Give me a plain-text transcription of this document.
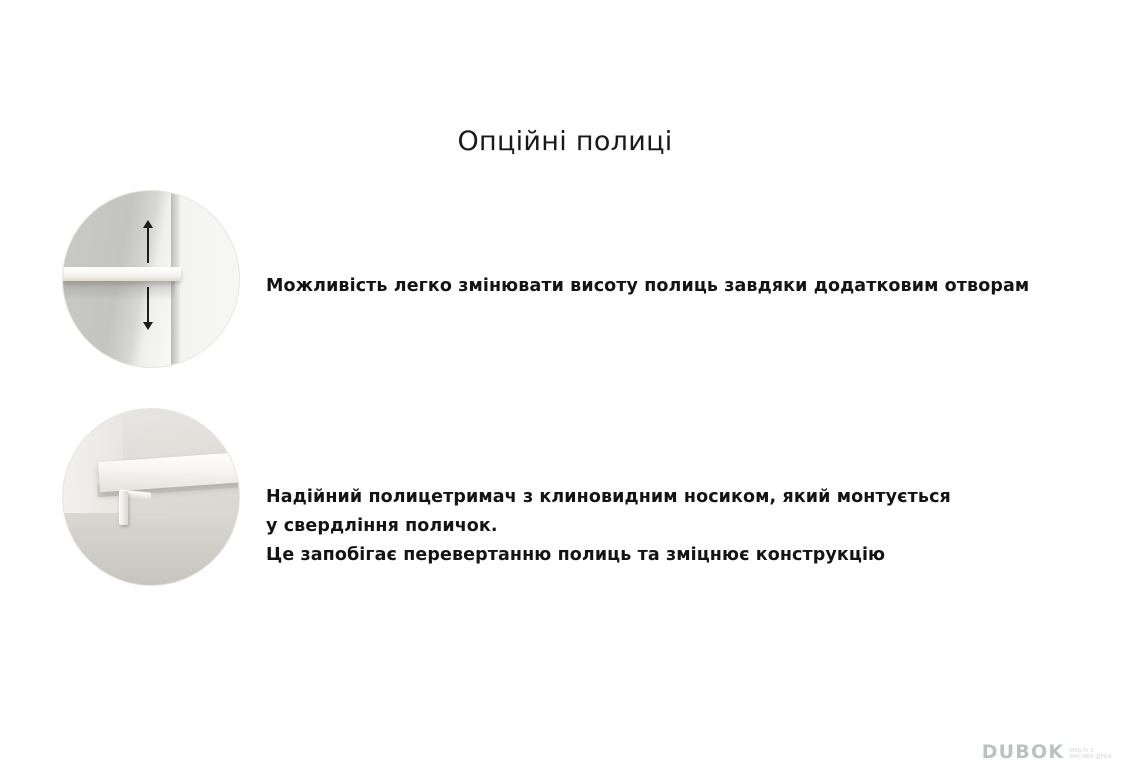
Опційні полиці

Можливість легко змінювати висоту полиць завдяки додатковим отворам

Надійний полицетримач з клиновидним носиком, який монтується
у свердління поличок.
Це запобігає перевертанню полиць та зміцнює конструкцію

DUBOK МЕБЛІ З
МАСИВУ ДУБА
